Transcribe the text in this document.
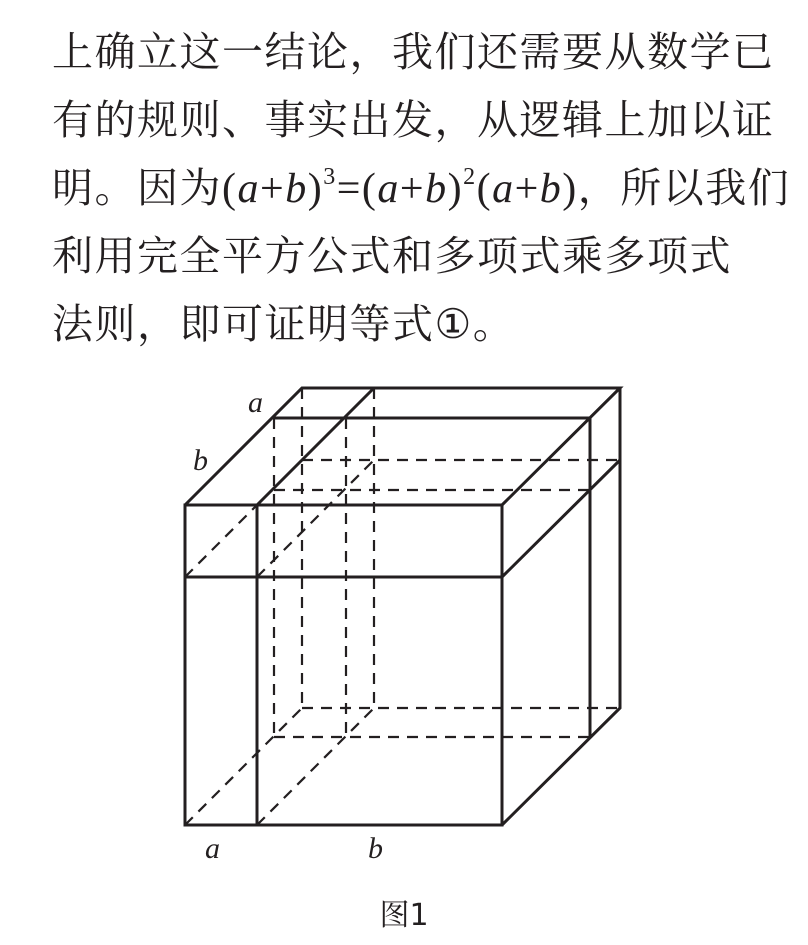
上确立这一结论，我们还需要从数学已
有的规则、事实出发，从逻辑上加以证
明。因为$(a+b)^3=(a+b)^2(a+b)$，所以我们
利用完全平方公式和多项式乘多项式
法则，即可证明等式①。
a
b
a	b
图1
